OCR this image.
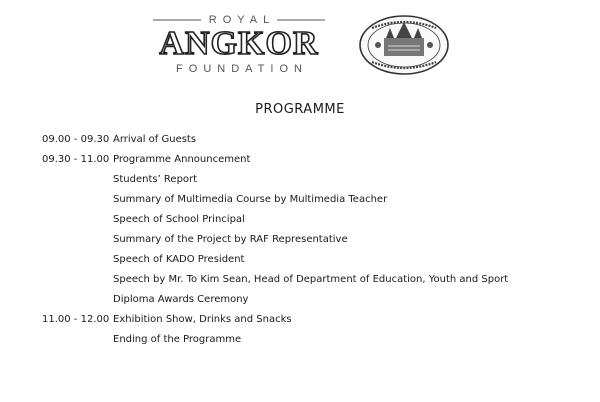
ROYAL
ANGKOR
FOUNDATION
PROGRAMME
09.00 - 09.30 Arrival of Guests
09.30 - 11.00 Programme Announcement
Students’ Report
Summary of Multimedia Course by Multimedia Teacher
Speech of School Principal
Summary of the Project by RAF Representative
Speech of KADO President
Speech by Mr. To Kim Sean, Head of Department of Education, Youth and Sport
Diploma Awards Ceremony
11.00 - 12.00 Exhibition Show, Drinks and Snacks
Ending of the Programme
